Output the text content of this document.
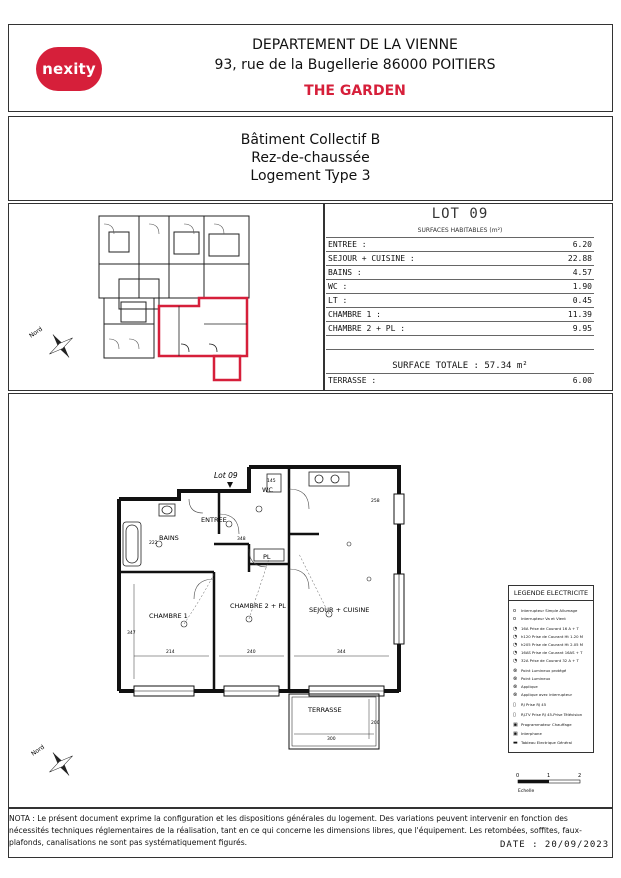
nexity
DEPARTEMENT DE LA VIENNE
93, rue de la Bugellerie 86000 POITIERS
THE GARDEN
Bâtiment Collectif B
Rez-de-chaussée
Logement Type 3
Nord
LOT 09
SURFACES HABITABLES (m²)
ENTREE :	6.20
SEJOUR + CUISINE :	22.88
BAINS :	4.57
WC :	1.90
LT :	0.45
CHAMBRE 1 :	11.39
CHAMBRE 2 + PL :	9.95
SURFACE TOTALE : 57.34 m²
TERRASSE :	6.00
Lot 09
ENTREE
BAINS
WC
PL
CHAMBRE 1
CHAMBRE 2 + PL	SEJOUR + CUISINE
TERRASSE
145
258
348
222
214	240	344
347
300
200
Nord
0	1	2
Echelle
LEGENDE ELECTRICITE
o Interrupteur Simple Allumage
o Interrupteur Va et Vient
◔ 16A Prise de Courant 16 A + T
◔ h120 Prise de Courant Ht 1.20 M
◔ h205 Prise de Courant Ht 2.05 M
◔ 16AS Prise de Courant 16AS + T
◔ 32A Prise de Courant 32 A + T
⊗ Point Lumineux protégé
⊗ Point Lumineux
⊗ Applique
⊗ Applique avec interrupteur
▯ RJ Prise RJ 45
▯ RJ-TV Prise RJ 45-Prise Télévision
▣ Programmateur Chauffage
▣ Interphone
▬ Tableau Electrique Général
NOTA : Le présent document exprime la configuration et les dispositions générales du logement. Des variations peuvent intervenir en fonction des nécessités techniques réglementaires de la réalisation, tant en ce qui concerne les dimensions libres, que l'équipement. Les retombées, soffites, faux-plafonds, canalisations ne sont pas systématiquement figurés.	DATE : 20/09/2023
